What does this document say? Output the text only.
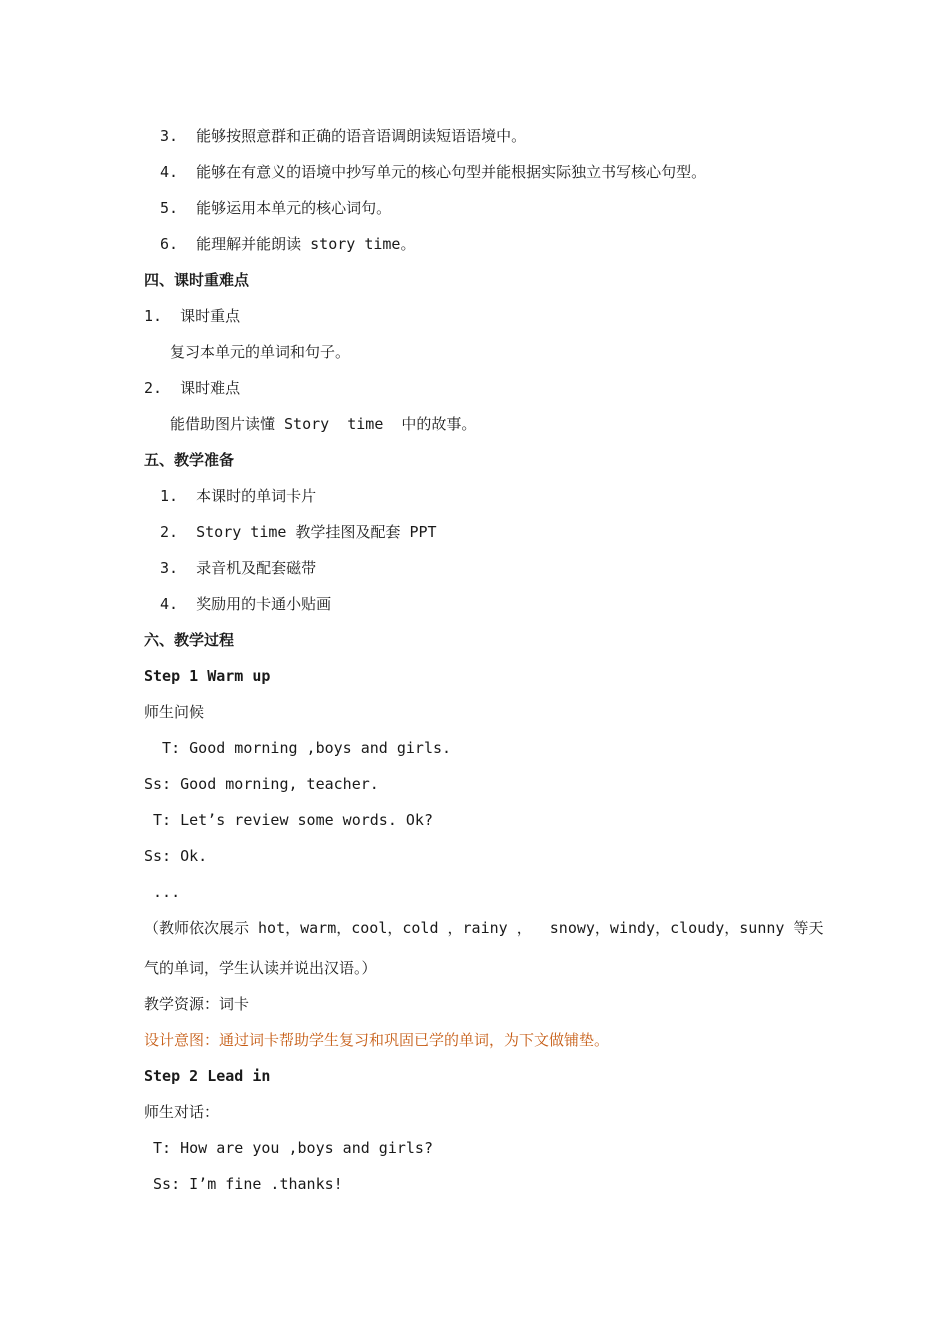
3.  能够按照意群和正确的语音语调朗读短语语境中。
4.  能够在有意义的语境中抄写单元的核心句型并能根据实际独立书写核心句型。
5.  能够运用本单元的核心词句。
6.  能理解并能朗读 story time。
四、课时重难点
1.  课时重点
复习本单元的单词和句子。
2.  课时难点
能借助图片读懂 Story  time  中的故事。
五、教学准备
1.  本课时的单词卡片
2.  Story time 教学挂图及配套 PPT
3.  录音机及配套磁带
4.  奖励用的卡通小贴画
六、教学过程
Step 1 Warm up
师生问候
T: Good morning ,boys and girls.
Ss: Good morning, teacher.
T: Let’s review some words. Ok?
Ss: Ok.
...
（教师依次展示 hot，warm，cool，cold ，rainy ，  snowy，windy，cloudy，sunny 等天
气的单词，学生认读并说出汉语。）
教学资源：词卡
设计意图：通过词卡帮助学生复习和巩固已学的单词，为下文做铺垫。
Step 2 Lead in
师生对话：
T: How are you ,boys and girls?
Ss: I’m fine .thanks!
